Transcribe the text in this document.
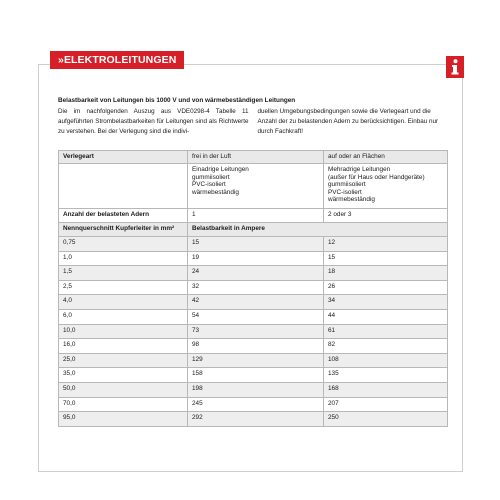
»ELEKTROLEITUNGEN
Belastbarkeit von Leitungen bis 1000 V und von wärmebeständigen Leitungen
Die im nachfolgenden Auszug aus VDE0298-4 Tabelle 11 aufgeführten Strombelastbarkeiten für Leitungen sind als Richtwerte zu verstehen. Bei der Verlegung sind die indivi-
duellen Umgebungsbedingungen sowie die Verlegeart und die Anzahl der zu belastenden Adern zu berücksichtigen. Einbau nur durch Fachkraft!
Verlegeart	frei in der Luft	auf oder an Flächen

	Einadrige Leitungen
gummiisoliert
PVC-isoliert
wärmebeständig	Mehradrige Leitungen
(außer für Haus oder Handgeräte)
gummiisoliert
PVC-isoliert
wärmebeständig

Anzahl der belasteten Adern	1	2 oder 3
Nennquerschnitt Kupferleiter in mm²	Belastbarkeit in Ampere	
0,75	15	12
1,0	19	15
1,5	24	18
2,5	32	26
4,0	42	34
6,0	54	44
10,0	73	61
16,0	98	82
25,0	129	108
35,0	158	135
50,0	198	168
70,0	245	207
95,0	292	250
